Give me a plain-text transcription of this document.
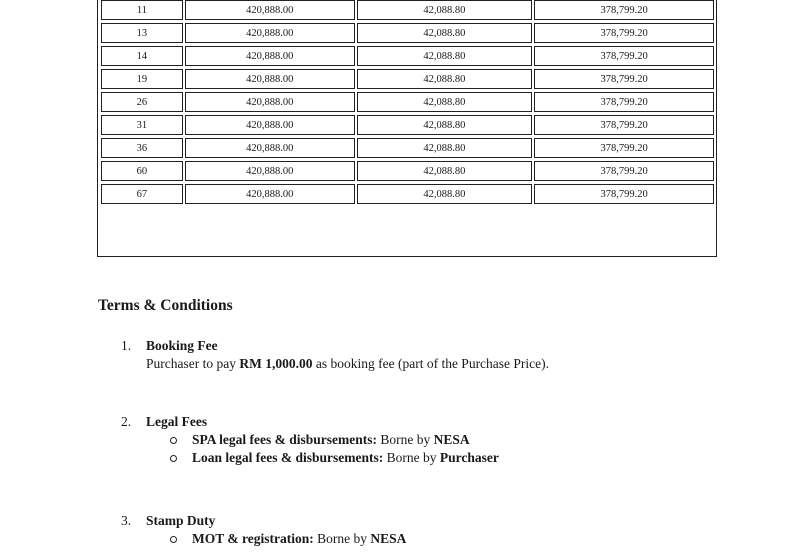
11	420,888.00	42,088.80	378,799.20
13	420,888.00	42,088.80	378,799.20
14	420,888.00	42,088.80	378,799.20
19	420,888.00	42,088.80	378,799.20
26	420,888.00	42,088.80	378,799.20
31	420,888.00	42,088.80	378,799.20
36	420,888.00	42,088.80	378,799.20
60	420,888.00	42,088.80	378,799.20
67	420,888.00	42,088.80	378,799.20
Terms & Conditions
1. Booking Fee
Purchaser to pay RM 1,000.00 as booking fee (part of the Purchase Price).
2. Legal Fees
SPA legal fees & disbursements: Borne by NESA
Loan legal fees & disbursements: Borne by Purchaser
3. Stamp Duty
MOT & registration: Borne by NESA
